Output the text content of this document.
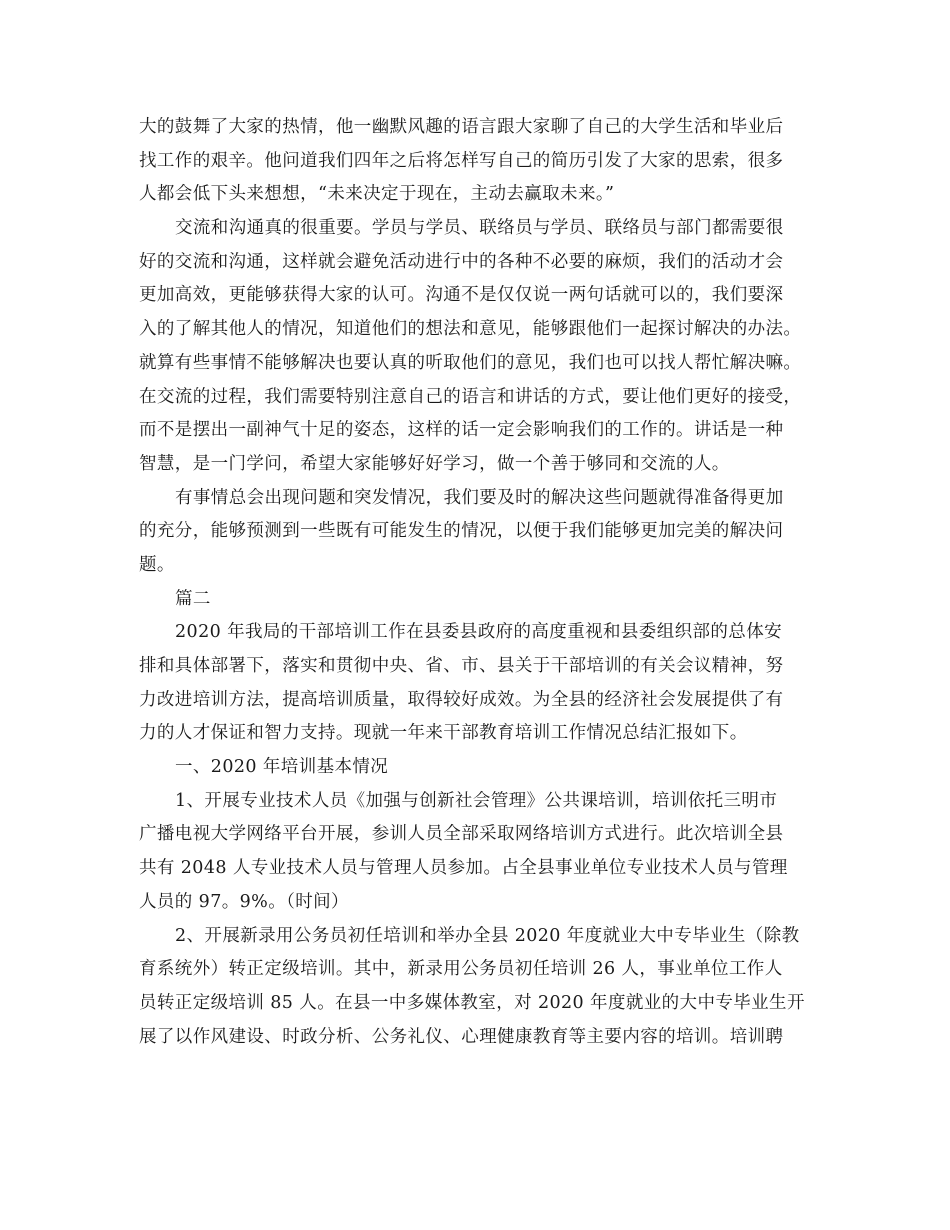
大的鼓舞了大家的热情，他一幽默风趣的语言跟大家聊了自己的大学生活和毕业后
找工作的艰辛。他问道我们四年之后将怎样写自己的简历引发了大家的思索，很多
人都会低下头来想想，“未来决定于现在，主动去赢取未来。”
交流和沟通真的很重要。学员与学员、联络员与学员、联络员与部门都需要很
好的交流和沟通，这样就会避免活动进行中的各种不必要的麻烦，我们的活动才会
更加高效，更能够获得大家的认可。沟通不是仅仅说一两句话就可以的，我们要深
入的了解其他人的情况，知道他们的想法和意见，能够跟他们一起探讨解决的办法。
就算有些事情不能够解决也要认真的听取他们的意见，我们也可以找人帮忙解决嘛。
在交流的过程，我们需要特别注意自己的语言和讲话的方式，要让他们更好的接受，
而不是摆出一副神气十足的姿态，这样的话一定会影响我们的工作的。讲话是一种
智慧，是一门学问，希望大家能够好好学习，做一个善于够同和交流的人。
有事情总会出现问题和突发情况，我们要及时的解决这些问题就得准备得更加
的充分，能够预测到一些既有可能发生的情况，以便于我们能够更加完美的解决问
题。
篇二
2020 年我局的干部培训工作在县委县政府的高度重视和县委组织部的总体安
排和具体部署下，落实和贯彻中央、省、市、县关于干部培训的有关会议精神，努
力改进培训方法，提高培训质量，取得较好成效。为全县的经济社会发展提供了有
力的人才保证和智力支持。现就一年来干部教育培训工作情况总结汇报如下。
一、2020 年培训基本情况
1、开展专业技术人员《加强与创新社会管理》公共课培训，培训依托三明市
广播电视大学网络平台开展，参训人员全部采取网络培训方式进行。此次培训全县
共有 2048 人专业技术人员与管理人员参加。占全县事业单位专业技术人员与管理
人员的 97。9%。（时间）
2、开展新录用公务员初任培训和举办全县 2020 年度就业大中专毕业生（除教
育系统外）转正定级培训。其中，新录用公务员初任培训 26 人，事业单位工作人
员转正定级培训 85 人。在县一中多媒体教室，对 2020 年度就业的大中专毕业生开
展了以作风建设、时政分析、公务礼仪、心理健康教育等主要内容的培训。培训聘
